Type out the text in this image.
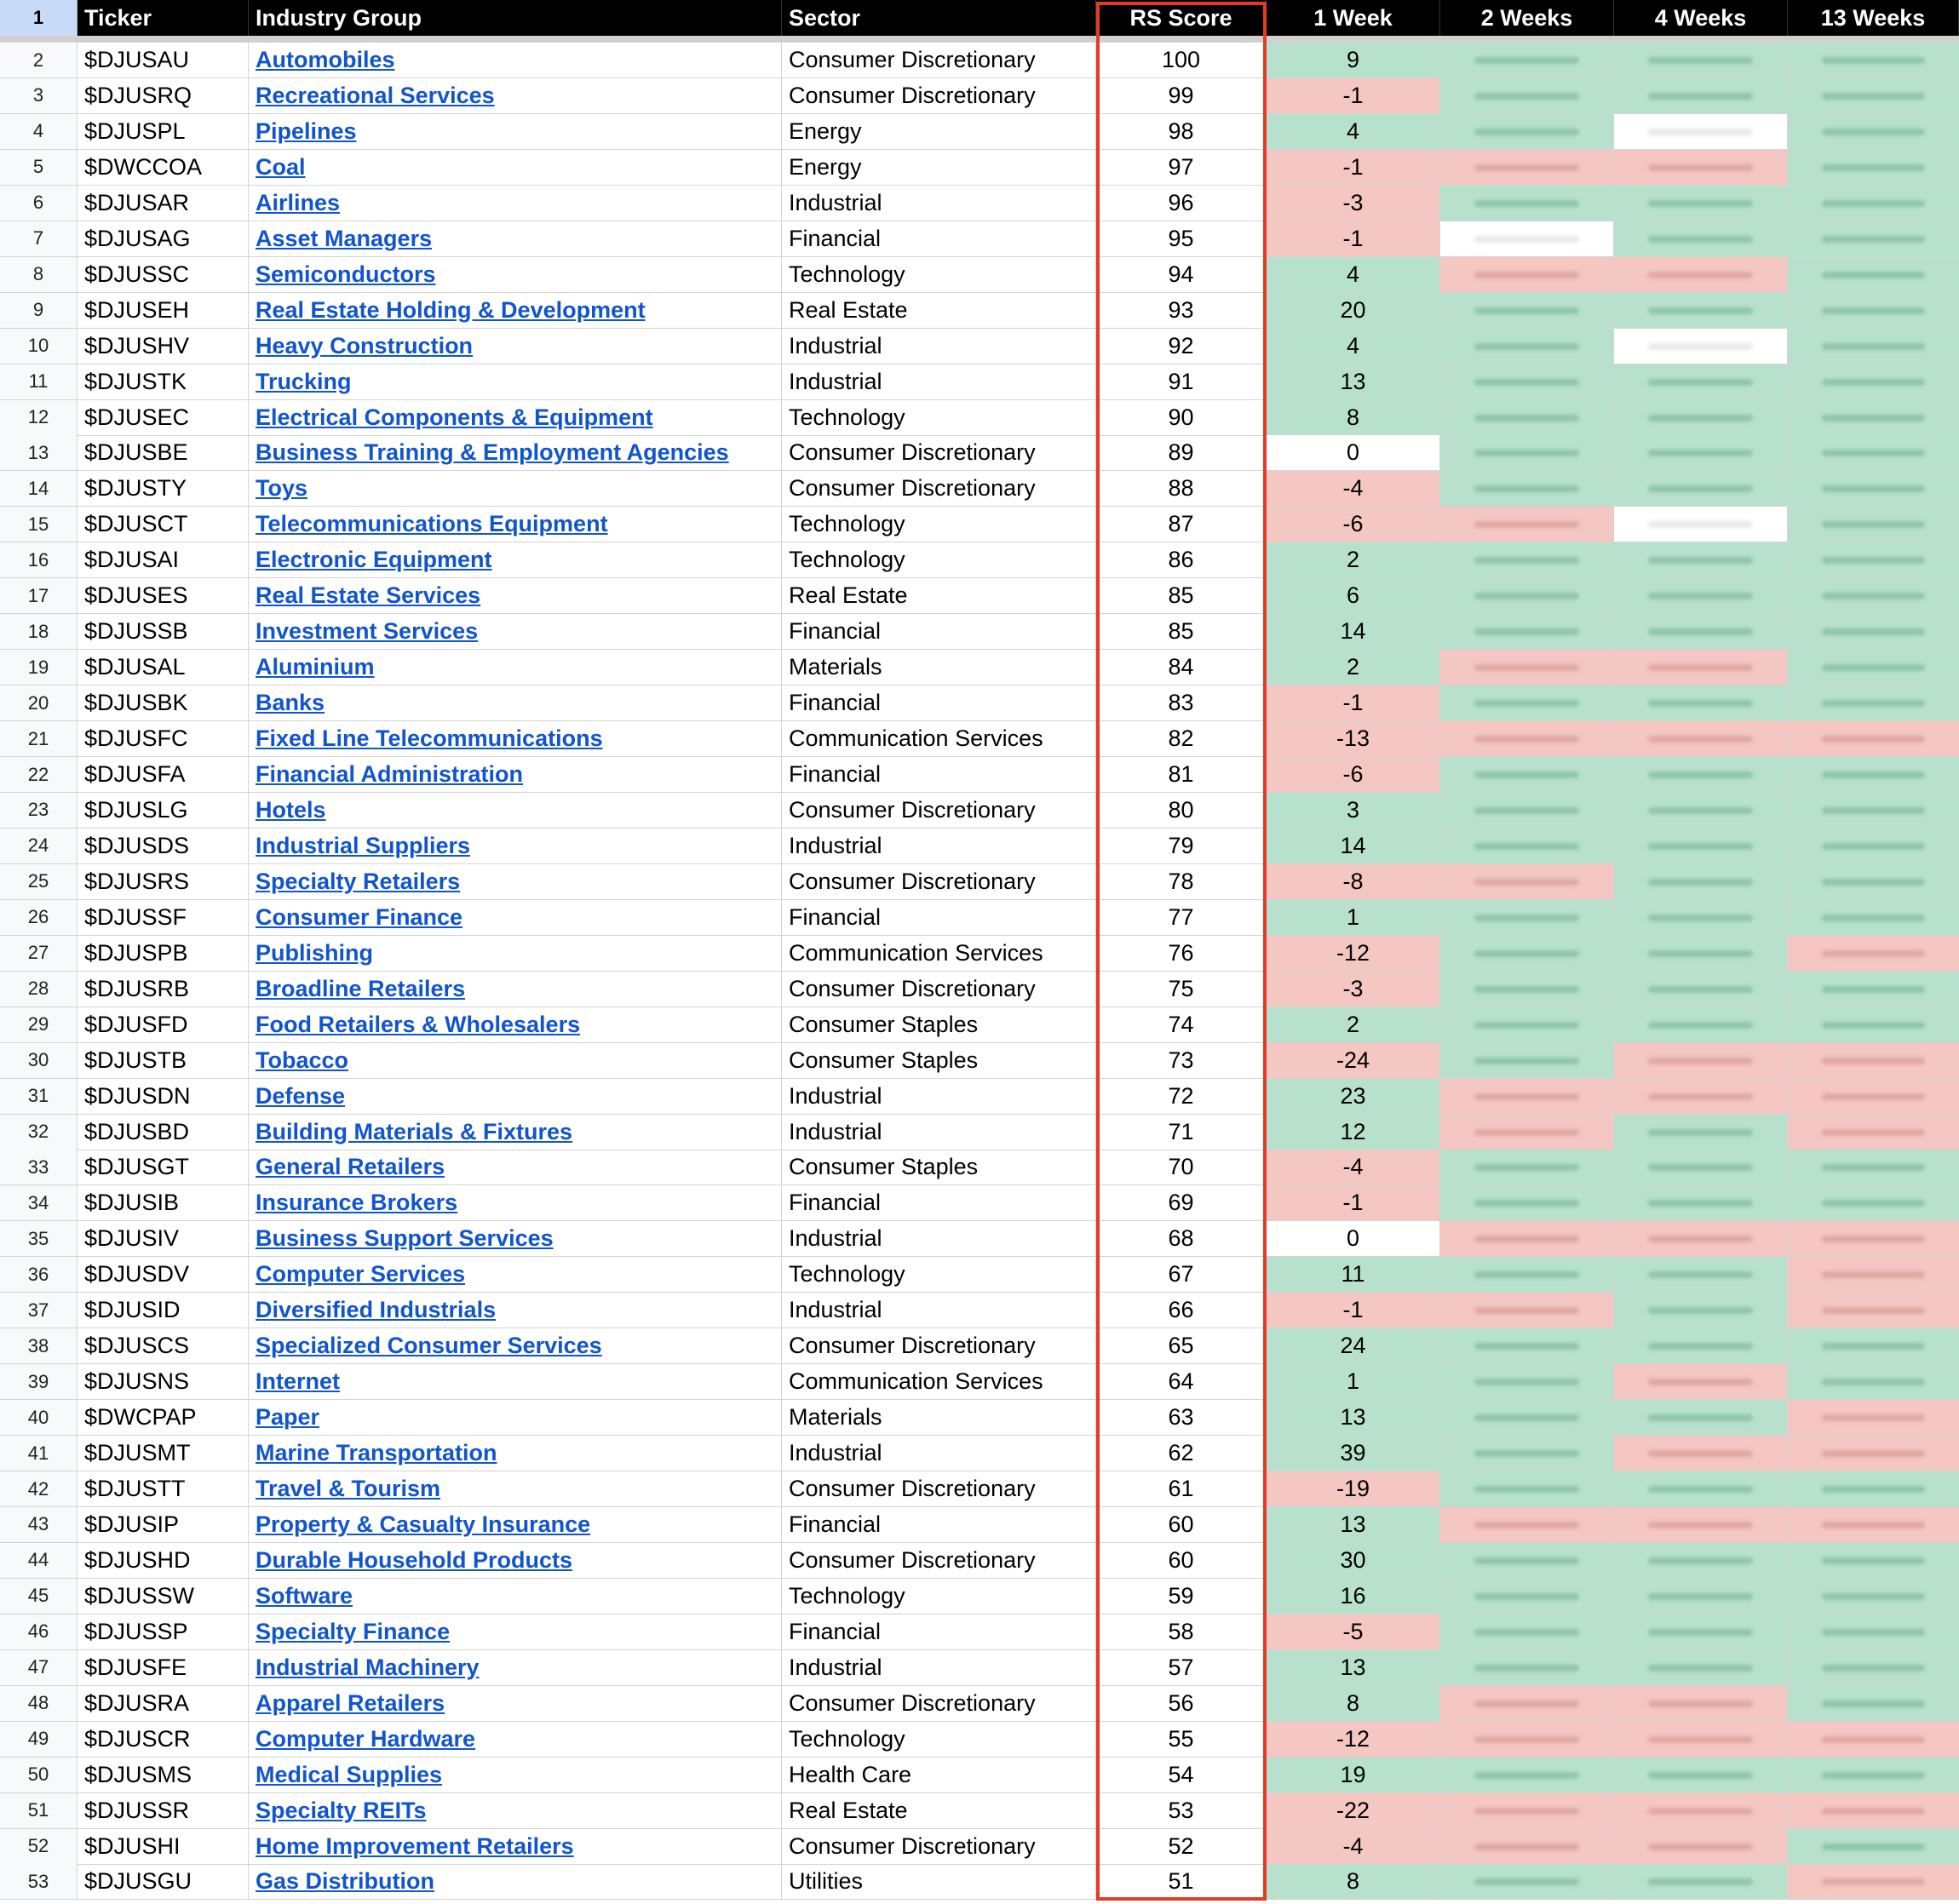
1	Ticker	Industry Group	Sector	RS Score	1 Week	2 Weeks	4 Weeks	13 Weeks
2	$DJUSAU	Automobiles	Consumer Discretionary	100	9
3	$DJUSRQ	Recreational Services	Consumer Discretionary	99	-1
4	$DJUSPL	Pipelines	Energy	98	4
5	$DWCCOA	Coal	Energy	97	-1
6	$DJUSAR	Airlines	Industrial	96	-3
7	$DJUSAG	Asset Managers	Financial	95	-1
8	$DJUSSC	Semiconductors	Technology	94	4
9	$DJUSEH	Real Estate Holding & Development	Real Estate	93	20
10	$DJUSHV	Heavy Construction	Industrial	92	4
11	$DJUSTK	Trucking	Industrial	91	13
12	$DJUSEC	Electrical Components & Equipment	Technology	90	8
13	$DJUSBE	Business Training & Employment Agencies	Consumer Discretionary	89	0
14	$DJUSTY	Toys	Consumer Discretionary	88	-4
15	$DJUSCT	Telecommunications Equipment	Technology	87	-6
16	$DJUSAI	Electronic Equipment	Technology	86	2
17	$DJUSES	Real Estate Services	Real Estate	85	6
18	$DJUSSB	Investment Services	Financial	85	14
19	$DJUSAL	Aluminium	Materials	84	2
20	$DJUSBK	Banks	Financial	83	-1
21	$DJUSFC	Fixed Line Telecommunications	Communication Services	82	-13
22	$DJUSFA	Financial Administration	Financial	81	-6
23	$DJUSLG	Hotels	Consumer Discretionary	80	3
24	$DJUSDS	Industrial Suppliers	Industrial	79	14
25	$DJUSRS	Specialty Retailers	Consumer Discretionary	78	-8
26	$DJUSSF	Consumer Finance	Financial	77	1
27	$DJUSPB	Publishing	Communication Services	76	-12
28	$DJUSRB	Broadline Retailers	Consumer Discretionary	75	-3
29	$DJUSFD	Food Retailers & Wholesalers	Consumer Staples	74	2
30	$DJUSTB	Tobacco	Consumer Staples	73	-24
31	$DJUSDN	Defense	Industrial	72	23
32	$DJUSBD	Building Materials & Fixtures	Industrial	71	12
33	$DJUSGT	General Retailers	Consumer Staples	70	-4
34	$DJUSIB	Insurance Brokers	Financial	69	-1
35	$DJUSIV	Business Support Services	Industrial	68	0
36	$DJUSDV	Computer Services	Technology	67	11
37	$DJUSID	Diversified Industrials	Industrial	66	-1
38	$DJUSCS	Specialized Consumer Services	Consumer Discretionary	65	24
39	$DJUSNS	Internet	Communication Services	64	1
40	$DWCPAP	Paper	Materials	63	13
41	$DJUSMT	Marine Transportation	Industrial	62	39
42	$DJUSTT	Travel & Tourism	Consumer Discretionary	61	-19
43	$DJUSIP	Property & Casualty Insurance	Financial	60	13
44	$DJUSHD	Durable Household Products	Consumer Discretionary	60	30
45	$DJUSSW	Software	Technology	59	16
46	$DJUSSP	Specialty Finance	Financial	58	-5
47	$DJUSFE	Industrial Machinery	Industrial	57	13
48	$DJUSRA	Apparel Retailers	Consumer Discretionary	56	8
49	$DJUSCR	Computer Hardware	Technology	55	-12
50	$DJUSMS	Medical Supplies	Health Care	54	19
51	$DJUSSR	Specialty REITs	Real Estate	53	-22
52	$DJUSHI	Home Improvement Retailers	Consumer Discretionary	52	-4
53	$DJUSGU	Gas Distribution	Utilities	51	8
